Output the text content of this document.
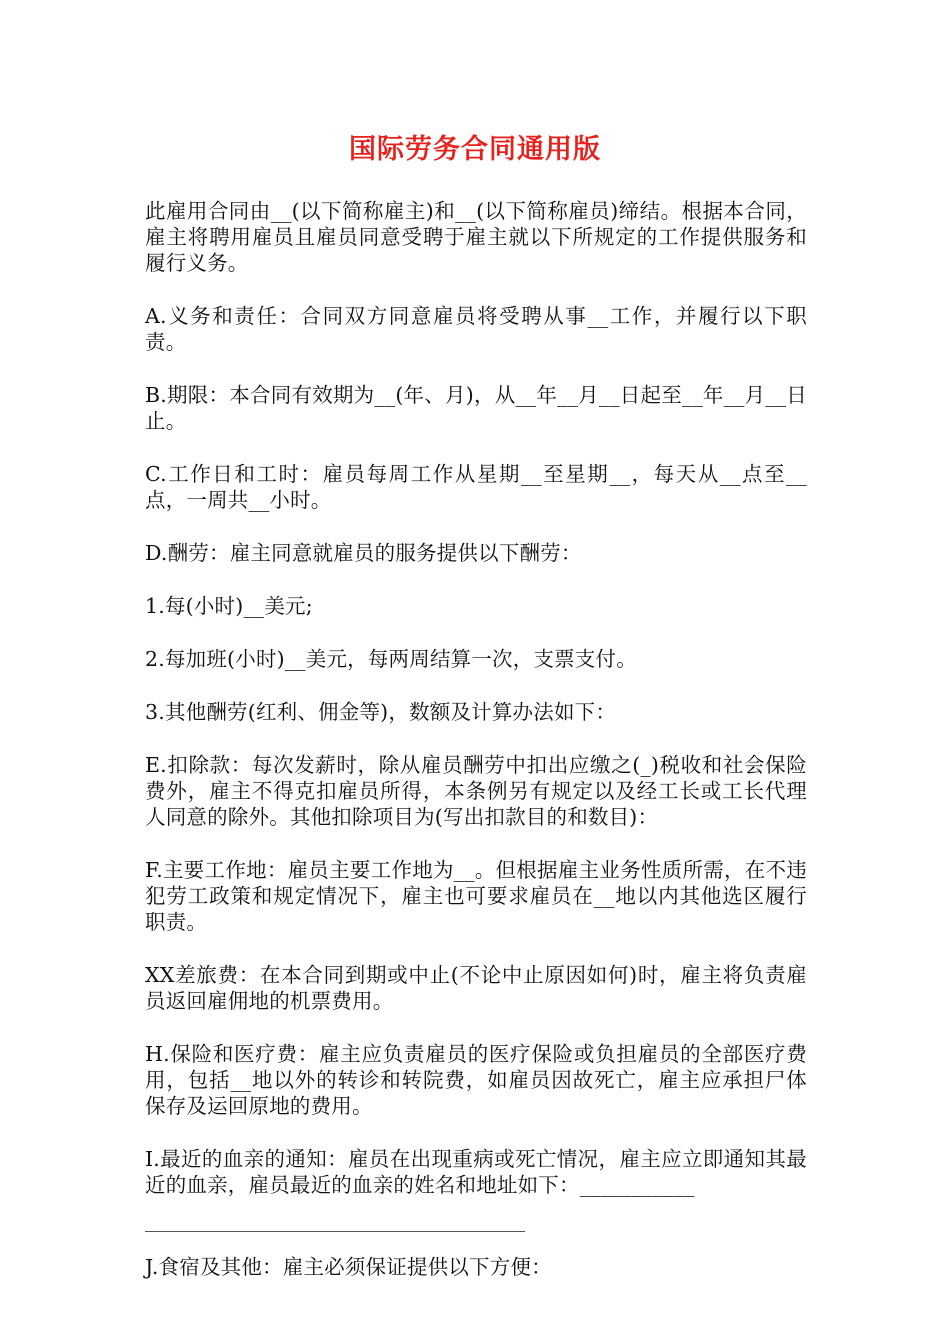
国际劳务合同通用版

此雇用合同由__(以下简称雇主)和__(以下简称雇员)缔结。根据本合同，雇主将聘用雇员且雇员同意受聘于雇主就以下所规定的工作提供服务和履行义务。

A.义务和责任：合同双方同意雇员将受聘从事__工作，并履行以下职责。

B.期限：本合同有效期为__(年、月)，从__年__月__日起至__年__月__日止。

C.工作日和工时：雇员每周工作从星期__至星期__，每天从__点至__点，一周共__小时。

D.酬劳：雇主同意就雇员的服务提供以下酬劳：

1.每(小时)__美元;

2.每加班(小时)__美元，每两周结算一次，支票支付。

3.其他酬劳(红利、佣金等)，数额及计算办法如下：

E.扣除款：每次发薪时，除从雇员酬劳中扣出应缴之(_)税收和社会保险费外，雇主不得克扣雇员所得，本条例另有规定以及经工长或工长代理人同意的除外。其他扣除项目为(写出扣款目的和数目)：

F.主要工作地：雇员主要工作地为__。但根据雇主业务性质所需，在不违犯劳工政策和规定情况下，雇主也可要求雇员在__地以内其他选区履行职责。

XX差旅费：在本合同到期或中止(不论中止原因如何)时，雇主将负责雇员返回雇佣地的机票费用。

H.保险和医疗费：雇主应负责雇员的医疗保险或负担雇员的全部医疗费用，包括__地以外的转诊和转院费，如雇员因故死亡，雇主应承担尸体保存及运回原地的费用。

I.最近的血亲的通知：雇员在出现重病或死亡情况，雇主应立即通知其最近的血亲，雇员最近的血亲的姓名和地址如下：___________

J.食宿及其他：雇主必须保证提供以下方便：
